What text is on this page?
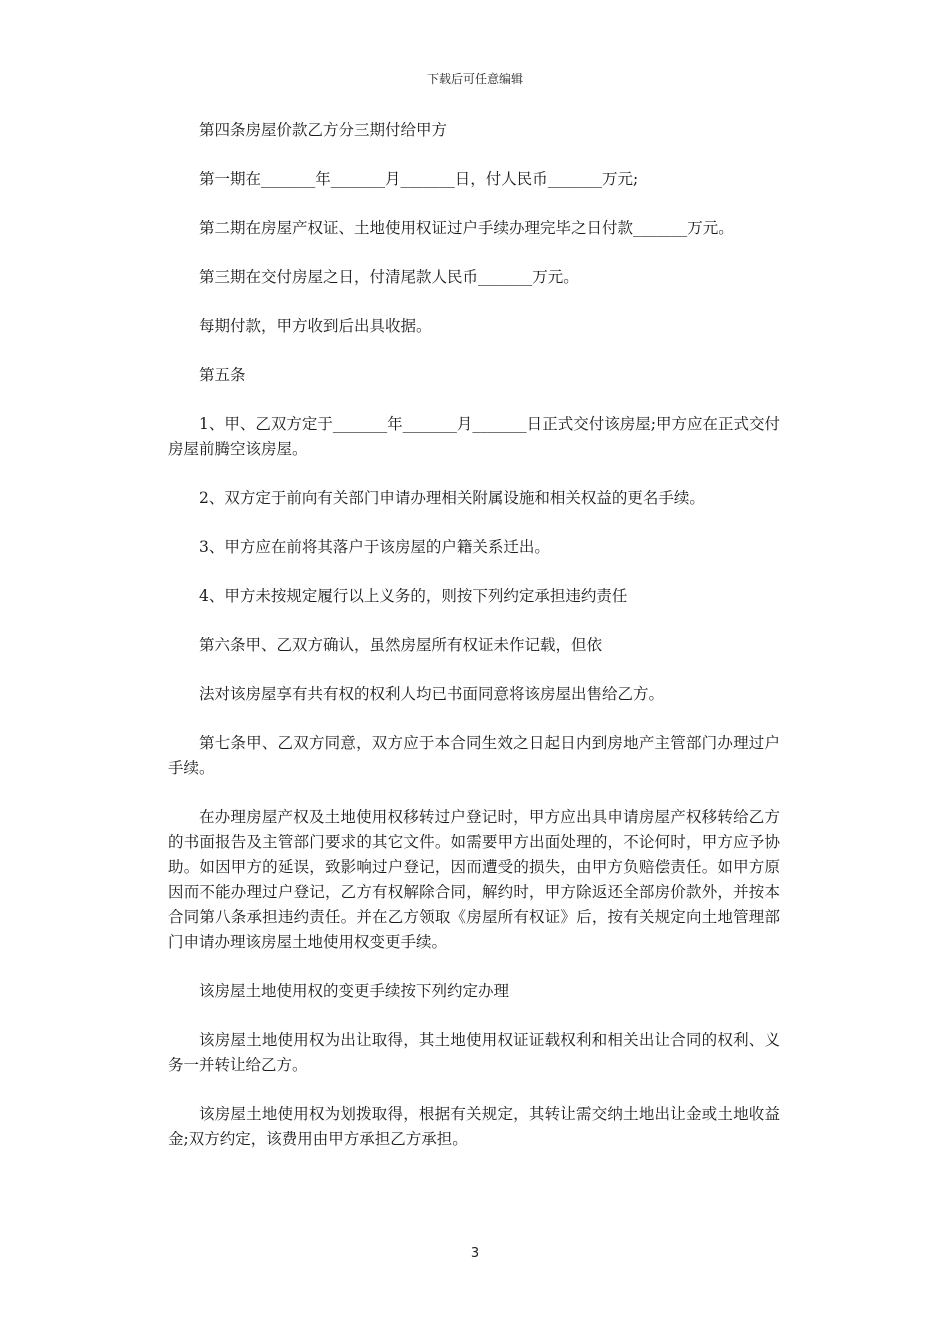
下载后可任意编辑

第四条房屋价款乙方分三期付给甲方

第一期在_______年_______月_______日，付人民币_______万元;

第二期在房屋产权证、土地使用权证过户手续办理完毕之日付款_______万元。

第三期在交付房屋之日，付清尾款人民币_______万元。

每期付款，甲方收到后出具收据。

第五条

1、甲、乙双方定于_______年_______月_______日正式交付该房屋;甲方应在正式交付房屋前腾空该房屋。

2、双方定于前向有关部门申请办理相关附属设施和相关权益的更名手续。

3、甲方应在前将其落户于该房屋的户籍关系迁出。

4、甲方未按规定履行以上义务的，则按下列约定承担违约责任

第六条甲、乙双方确认，虽然房屋所有权证未作记载，但依

法对该房屋享有共有权的权利人均已书面同意将该房屋出售给乙方。

第七条甲、乙双方同意，双方应于本合同生效之日起日内到房地产主管部门办理过户手续。

在办理房屋产权及土地使用权移转过户登记时，甲方应出具申请房屋产权移转给乙方的书面报告及主管部门要求的其它文件。如需要甲方出面处理的，不论何时，甲方应予协助。如因甲方的延误，致影响过户登记，因而遭受的损失，由甲方负赔偿责任。如甲方原因而不能办理过户登记，乙方有权解除合同，解约时，甲方除返还全部房价款外，并按本合同第八条承担违约责任。并在乙方领取《房屋所有权证》后，按有关规定向土地管理部门申请办理该房屋土地使用权变更手续。

该房屋土地使用权的变更手续按下列约定办理

该房屋土地使用权为出让取得，其土地使用权证证载权利和相关出让合同的权利、义务一并转让给乙方。

该房屋土地使用权为划拨取得，根据有关规定，其转让需交纳土地出让金或土地收益金;双方约定，该费用由甲方承担乙方承担。

3
